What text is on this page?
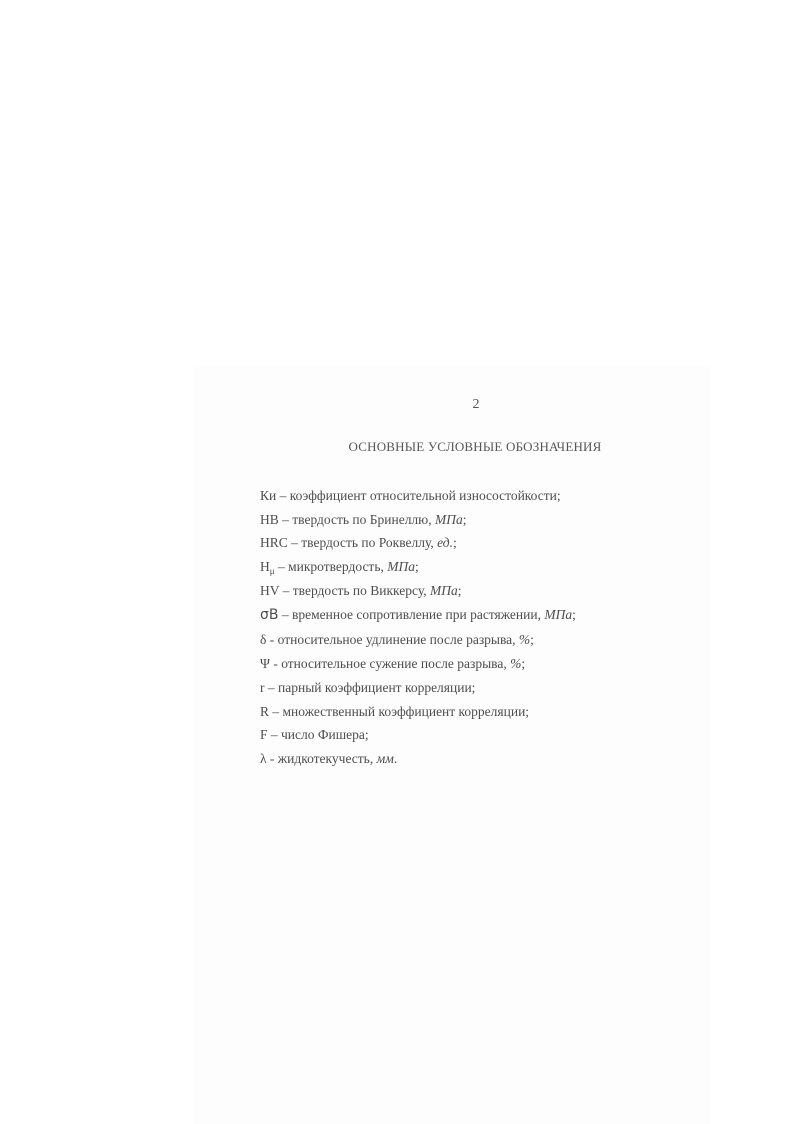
2
ОСНОВНЫЕ УСЛОВНЫЕ ОБОЗНАЧЕНИЯ
Ки – коэффициент относительной износостойкости;
HB – твердость по Бринеллю, МПа;
HRC – твердость по Роквеллу, ед.;
$H_\mu$ – микротвердость, МПа;
HV – твердость по Виккерсу, МПа;
σB – временное сопротивление при растяжении, МПа;
δ - относительное удлинение после разрыва, %;
Ψ - относительное сужение после разрыва, %;
r – парный коэффициент корреляции;
R – множественный коэффициент корреляции;
F – число Фишера;
λ - жидкотекучесть, мм.
